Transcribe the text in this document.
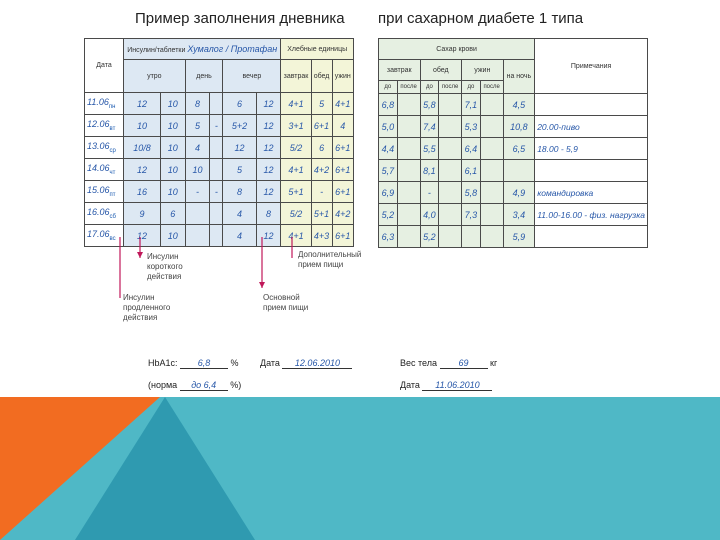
Пример заполнения дневника при сахарном диабете 1 типа
Дата	Инсулин/таблетки Хумалог / Протафан						Хлебные единицы		
	утро		день		вечер		завтрак	обед	ужин
$11.06_{пн}$	12	10	8		6	12	4+1	5	4+1
$12.06_{вт}$	10	10	5	-	5+2	12	3+1	6+1	4
$13.06_{ср}$	10/8	10	4		12	12	5/2	6	6+1
$14.06_{чт}$	12	10	10		5	12	4+1	4+2	6+1
$15.06_{пт}$	16	10	-	-	8	12	5+1	-	6+1
$16.06_{сб}$	9	6			4	8	5/2	5+1	4+2
$17.06_{вс}$	12	10			4	12	4+1	4+3	6+1
Сахар крови							Примечания
завтрак		обед		ужин		на ночь	
до	после	до	после	до	после		
6,8		5,8		7,1		4,5	
5,0		7,4		5,3		10,8	20.00-пиво
4,4		5,5		6,4		6,5	18.00 - 5,9
5,7		8,1		6,1			
6,9		-		5,8		4,9	командировка
5,2		4,0		7,3		3,4	11.00-16.00 - физ. нагрузка
6,3		5,2				5,9	
Инсулин короткого действия
Инсулин продленного действия
Дополнительный прием пищи
Основной прием пищи
HbA1c: 6,8 %
(норма до 6,4 %)
Дата 12.06.2010	Вес тела 69 кг
Дата 11.06.2010
